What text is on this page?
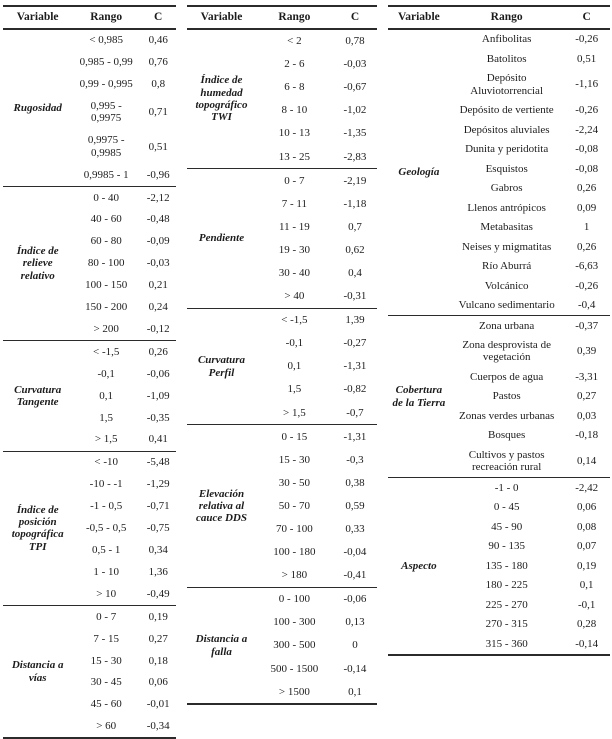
Variable	Rango	C
Rugosidad	< 0,985	0,46
	0,985 - 0,99	0,76
	0,99 - 0,995	0,8
	0,995 - 0,9975	0,71
	0,9975 - 0,9985	0,51
	0,9985 - 1	-0,96
Índice de relieve relativo	0 - 40	-2,12
	40 - 60	-0,48
	60 - 80	-0,09
	80 - 100	-0,03
	100 - 150	0,21
	150 - 200	0,24
	> 200	-0,12
Curvatura Tangente	< -1,5	0,26
	-0,1	-0,06
	0,1	-1,09
	1,5	-0,35
	> 1,5	0,41
Índice de posición topográfica TPI	< -10	-5,48
	-10 - -1	-1,29
	-1 - 0,5	-0,71
	-0,5 - 0,5	-0,75
	0,5 - 1	0,34
	1 - 10	1,36
	> 10	-0,49
Distancia a vías	0 - 7	0,19
	7 - 15	0,27
	15 - 30	0,18
	30 - 45	0,06
	45 - 60	-0,01
	> 60	-0,34
Variable	Rango	C
Índice de humedad topográfico TWI	< 2	0,78
	2 - 6	-0,03
	6 - 8	-0,67
	8 - 10	-1,02
	10 - 13	-1,35
	13 - 25	-2,83
Pendiente	0 - 7	-2,19
	7 - 11	-1,18
	11 - 19	0,7
	19 - 30	0,62
	30 - 40	0,4
	> 40	-0,31
Curvatura Perfil	< -1,5	1,39
	-0,1	-0,27
	0,1	-1,31
	1,5	-0,82
	> 1,5	-0,7
Elevación relativa al cauce DDS	0 - 15	-1,31
	15 - 30	-0,3
	30 - 50	0,38
	50 - 70	0,59
	70 - 100	0,33
	100 - 180	-0,04
	> 180	-0,41
Distancia a falla	0 - 100	-0,06
	100 - 300	0,13
	300 - 500	0
	500 - 1500	-0,14
	> 1500	0,1
Variable	Rango	C
Geología	Anfibolitas	-0,26
	Batolitos	0,51
	Depósito Aluviotorrencial	-1,16
	Depósito de vertiente	-0,26
	Depósitos aluviales	-2,24
	Dunita y peridotita	-0,08
	Esquistos	-0,08
	Gabros	0,26
	Llenos antrópicos	0,09
	Metabasitas	1
	Neises y migmatitas	0,26
	Río Aburrá	-6,63
	Volcánico	-0,26
	Vulcano sedimentario	-0,4
Cobertura de la Tierra	Zona urbana	-0,37
	Zona desprovista de vegetación	0,39
	Cuerpos de agua	-3,31
	Pastos	0,27
	Zonas verdes urbanas	0,03
	Bosques	-0,18
	Cultivos y pastos recreación rural	0,14
Aspecto	-1 - 0	-2,42
	0 - 45	0,06
	45 - 90	0,08
	90 - 135	0,07
	135 - 180	0,19
	180 - 225	0,1
	225 - 270	-0,1
	270 - 315	0,28
	315 - 360	-0,14
